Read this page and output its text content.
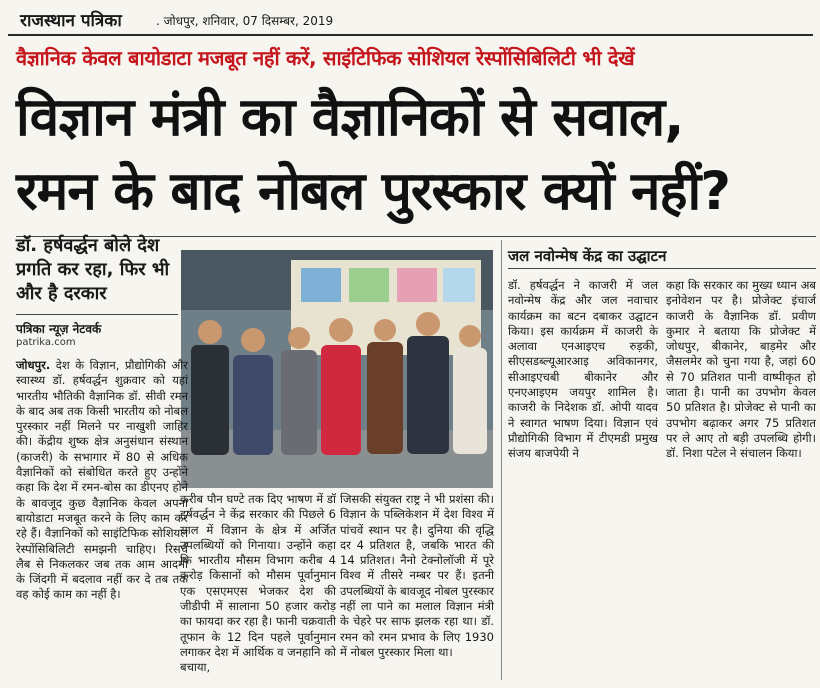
राजस्थान पत्रिका	. जोधपुर, शनिवार, 07 दिसम्बर, 2019
वैज्ञानिक केवल बायोडाटा मजबूत नहीं करें, साइंटिफिक सोशियल रेस्पोंसिबिलिटी भी देखें
विज्ञान मंत्री का वैज्ञानिकों से सवाल,
रमन के बाद नोबल पुरस्कार क्यों नहीं?
डॉ. हर्षवर्द्धन बोले देश प्रगति कर रहा, फिर भी और है दरकार
पत्रिका न्यूज़ नेटवर्क
patrika.com
जोधपुर. देश के विज्ञान, प्रौद्योगिकी और स्वास्थ्य डॉ. हर्षवर्द्धन शुक्रवार को यहां भारतीय भौतिकी वैज्ञानिक डॉ. सीवी रमन के बाद अब तक किसी भारतीय को नोबल पुरस्कार नहीं मिलने पर नाखुशी जाहिर की। केंद्रीय शुष्क क्षेत्र अनुसंधान संस्थान (काजरी) के सभागार में 80 से अधिक वैज्ञानिकों को संबोधित करते हुए उन्होंने कहा कि देश में रमन-बोस का डीएनए होने के बावजूद कुछ वैज्ञानिक केवल अपना बायोडाटा मजबूत करने के लिए काम कर रहे हैं। वैज्ञानिकों को साइंटिफिक सोशियल रेस्पोंसिबिलिटी समझनी चाहिए। रिसर्च लैब से निकलकर जब तक आम आदमी के जिंदगी में बदलाव नहीं कर दे तब तक वह कोई काम का नहीं है।
करीब पौन घण्टे तक दिए भाषण में डॉ हर्षवर्द्धन ने केंद्र सरकार की पिछले 6 साल में विज्ञान के क्षेत्र में अर्जित उपलब्धियों को गिनाया। उन्होंने कहा कि भारतीय मौसम विभाग करीब 4 करोड़ किसानों को मौसम पूर्वानुमान एक एसएमएस भेजकर देश की जीडीपी में सालाना 50 हजार करोड़ का फायदा कर रहा है। फानी चक्रवाती तूफान के 12 दिन पहले पूर्वानुमान लगाकर देश में आर्थिक व जनहानि को बचाया,
जिसकी संयुक्त राष्ट्र ने भी प्रशंसा की। विज्ञान के पब्लिकेशन में देश विश्व में पांचवें स्थान पर है। दुनिया की वृद्धि दर 4 प्रतिशत है, जबकि भारत की 14 प्रतिशत। नैनो टेक्नोलॉजी में पूरे विश्व में तीसरे नम्बर पर हैं। इतनी उपलब्धियों के बावजूद नोबल पुरस्कार नहीं ला पाने का मलाल विज्ञान मंत्री के चेहरे पर साफ झलक रहा था। डॉ. रमन को रमन प्रभाव के लिए 1930 में नोबल पुरस्कार मिला था।
जल नवोन्मेष केंद्र का उद्घाटन
डॉ. हर्षवर्द्धन ने काजरी में जल नवोन्मेष केंद्र और जल नवाचार कार्यक्रम का बटन दबाकर उद्घाटन किया। इस कार्यक्रम में काजरी के अलावा एनआइएच रुड़की, सीएसडब्ल्यूआरआइ अविकानगर, सीआइएचबी बीकानेर और एनएआइएम जयपुर शामिल है। काजरी के निदेशक डॉ. ओपी यादव ने स्वागत भाषण दिया। विज्ञान एवं प्रौद्योगिकी विभाग में टीएमडी प्रमुख संजय बाजपेयी ने
कहा कि सरकार का मुख्य ध्यान अब इनोवेशन पर है। प्रोजेक्ट इंचार्ज काजरी के वैज्ञानिक डॉ. प्रवीण कुमार ने बताया कि प्रोजेक्ट में जोधपुर, बीकानेर, बाड़मेर और जैसलमेर को चुना गया है, जहां 60 से 70 प्रतिशत पानी वाष्पीकृत हो जाता है। पानी का उपभोग केवल 50 प्रतिशत है। प्रोजेक्ट से पानी का उपभोग बढ़ाकर अगर 75 प्रतिशत पर ले आए तो बड़ी उपलब्धि होगी। डॉ. निशा पटेल ने संचालन किया।
